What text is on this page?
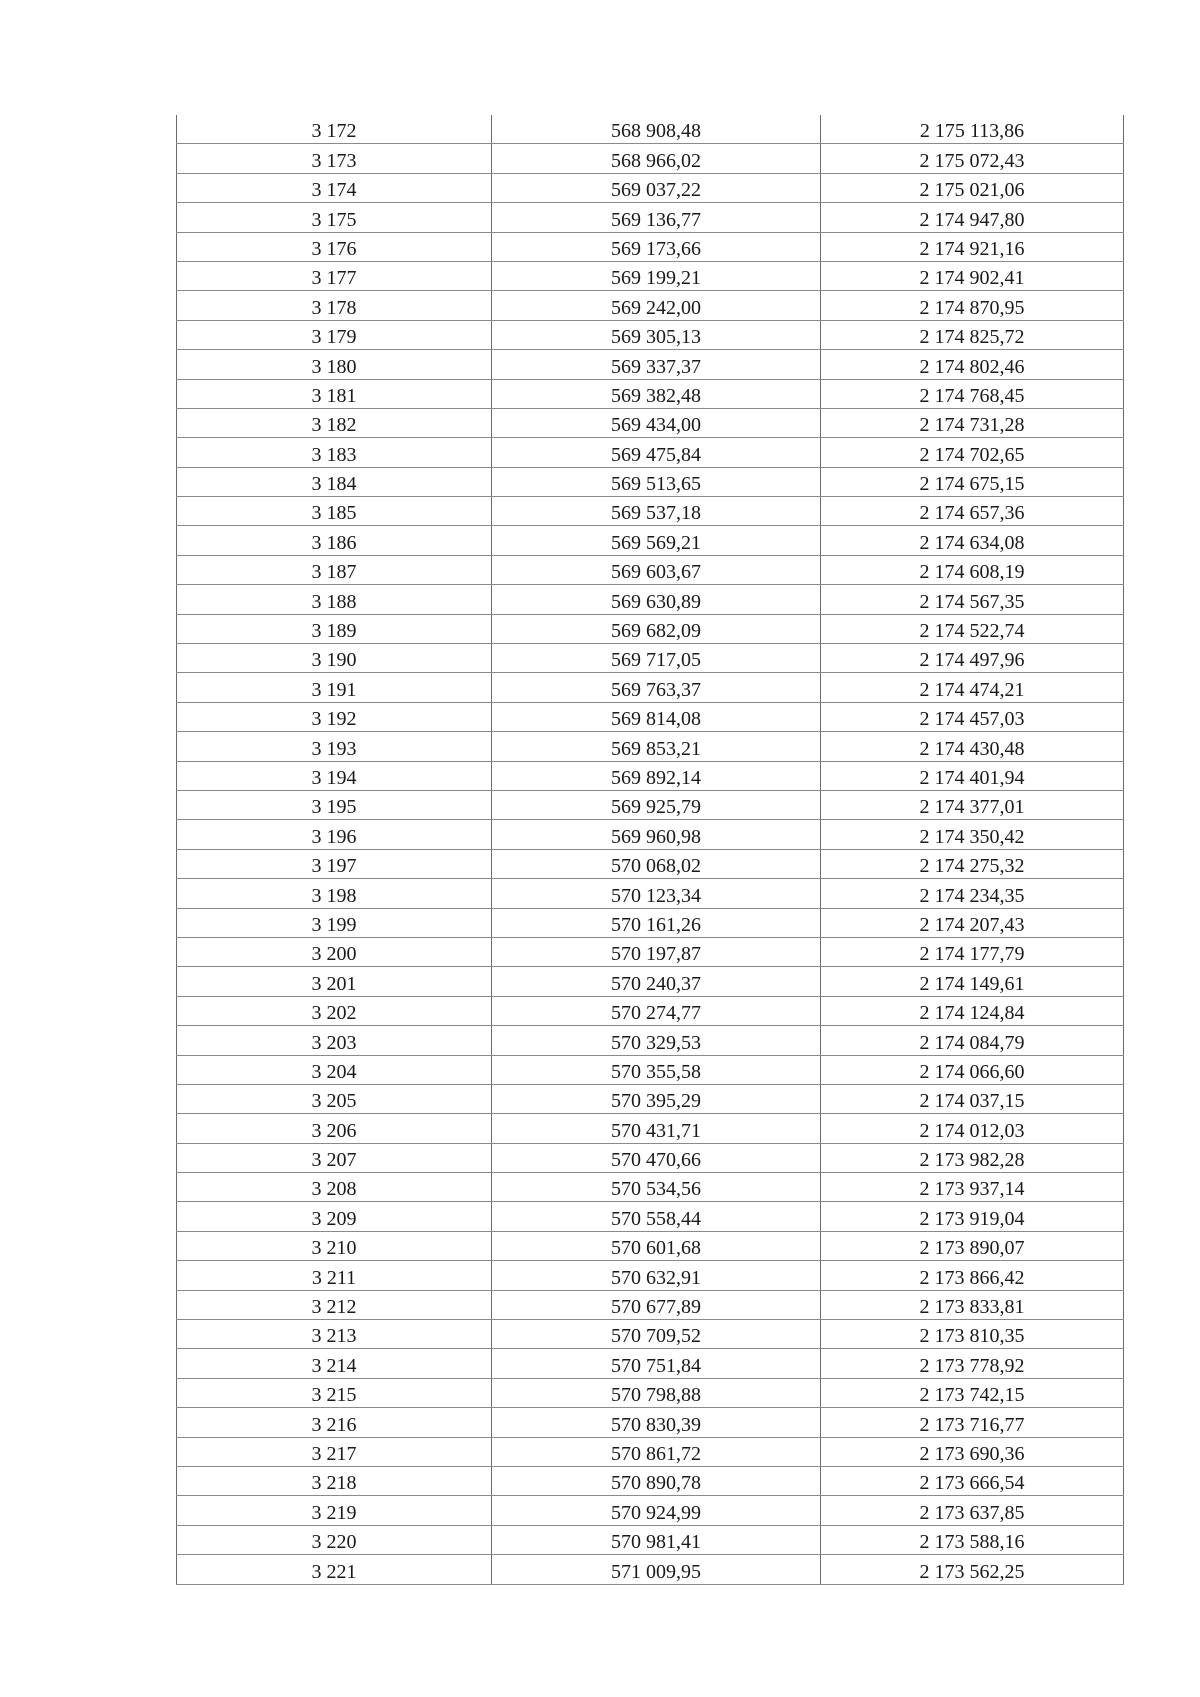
3 172	568 908,48	2 175 113,86
3 173	568 966,02	2 175 072,43
3 174	569 037,22	2 175 021,06
3 175	569 136,77	2 174 947,80
3 176	569 173,66	2 174 921,16
3 177	569 199,21	2 174 902,41
3 178	569 242,00	2 174 870,95
3 179	569 305,13	2 174 825,72
3 180	569 337,37	2 174 802,46
3 181	569 382,48	2 174 768,45
3 182	569 434,00	2 174 731,28
3 183	569 475,84	2 174 702,65
3 184	569 513,65	2 174 675,15
3 185	569 537,18	2 174 657,36
3 186	569 569,21	2 174 634,08
3 187	569 603,67	2 174 608,19
3 188	569 630,89	2 174 567,35
3 189	569 682,09	2 174 522,74
3 190	569 717,05	2 174 497,96
3 191	569 763,37	2 174 474,21
3 192	569 814,08	2 174 457,03
3 193	569 853,21	2 174 430,48
3 194	569 892,14	2 174 401,94
3 195	569 925,79	2 174 377,01
3 196	569 960,98	2 174 350,42
3 197	570 068,02	2 174 275,32
3 198	570 123,34	2 174 234,35
3 199	570 161,26	2 174 207,43
3 200	570 197,87	2 174 177,79
3 201	570 240,37	2 174 149,61
3 202	570 274,77	2 174 124,84
3 203	570 329,53	2 174 084,79
3 204	570 355,58	2 174 066,60
3 205	570 395,29	2 174 037,15
3 206	570 431,71	2 174 012,03
3 207	570 470,66	2 173 982,28
3 208	570 534,56	2 173 937,14
3 209	570 558,44	2 173 919,04
3 210	570 601,68	2 173 890,07
3 211	570 632,91	2 173 866,42
3 212	570 677,89	2 173 833,81
3 213	570 709,52	2 173 810,35
3 214	570 751,84	2 173 778,92
3 215	570 798,88	2 173 742,15
3 216	570 830,39	2 173 716,77
3 217	570 861,72	2 173 690,36
3 218	570 890,78	2 173 666,54
3 219	570 924,99	2 173 637,85
3 220	570 981,41	2 173 588,16
3 221	571 009,95	2 173 562,25
